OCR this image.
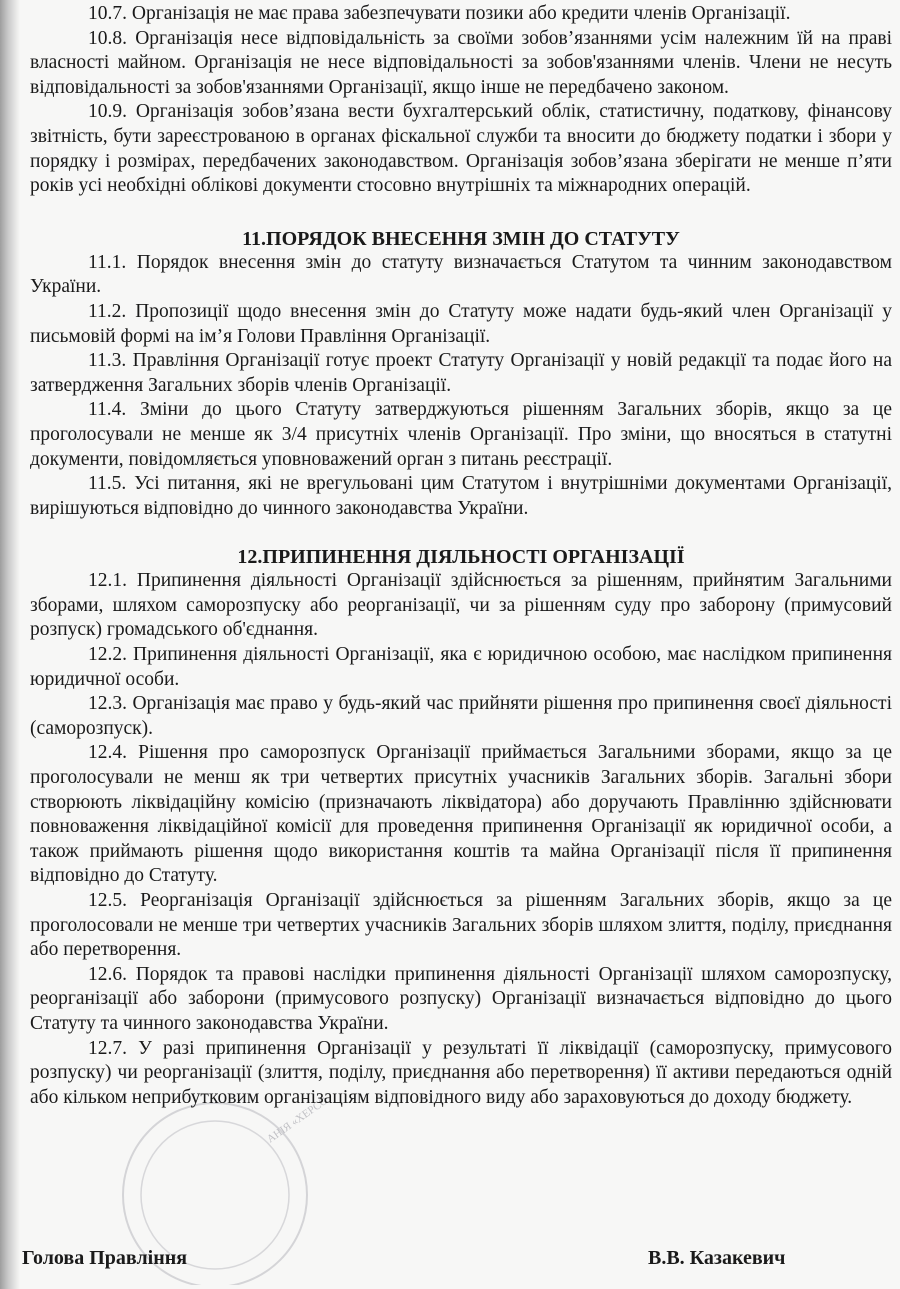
АНІЯ «ХЕРСО

10.7. Організація не має права забезпечувати позики або кредити членів Організації.

10.8. Організація несе відповідальність за своїми зобов’язаннями усім належним їй на праві власності майном. Організація не несе відповідальності за зобов'язаннями членів. Члени не несуть відповідальності за зобов'язаннями Організації, якщо інше не передбачено законом.

10.9. Організація зобов’язана вести бухгалтерський облік, статистичну, податкову, фінансову звітність, бути зареєстрованою в органах фіскальної служби та вносити до бюджету податки і збори у порядку і розмірах, передбачених законодавством. Організація зобов’язана зберігати не менше п’яти років усі необхідні облікові документи стосовно внутрішніх та міжнародних операцій.

11.ПОРЯДОК ВНЕСЕННЯ ЗМІН ДО СТАТУТУ

11.1. Порядок внесення змін до статуту визначається Статутом та чинним законодавством України.

11.2. Пропозиції щодо внесення змін до Статуту може надати будь-який член Організації у письмовій формі на ім’я Голови Правління Організації.

11.3. Правління Організації готує проект Статуту Організації у новій редакції та подає його на затвердження Загальних зборів членів Організації.

11.4. Зміни до цього Статуту затверджуються рішенням Загальних зборів, якщо за це проголосували не менше як 3/4 присутніх членів Організації. Про зміни, що вносяться в статутні документи, повідомляється уповноважений орган з питань реєстрації.

11.5. Усі питання, які не врегульовані цим Статутом і внутрішніми документами Організації, вирішуються відповідно до чинного законодавства України.

12.ПРИПИНЕННЯ ДІЯЛЬНОСТІ ОРГАНІЗАЦІЇ

12.1. Припинення діяльності Організації здійснюється за рішенням, прийнятим Загальними зборами, шляхом саморозпуску або реорганізації, чи за рішенням суду про заборону (примусовий розпуск) громадського об'єднання.

12.2. Припинення діяльності Організації, яка є юридичною особою, має наслідком припинення юридичної особи.

12.3. Організація має право у будь-який час прийняти рішення про припинення своєї діяльності (саморозпуск).

12.4. Рішення про саморозпуск Організації приймається Загальними зборами, якщо за це проголосували не менш як три четвертих присутніх учасників Загальних зборів. Загальні збори створюють ліквідаційну комісію (призначають ліквідатора) або доручають Правлінню здійснювати повноваження ліквідаційної комісії для проведення припинення Організації як юридичної особи, а також приймають рішення щодо використання коштів та майна Організації після її припинення відповідно до Статуту.

12.5. Реорганізація Організації здійснюється за рішенням Загальних зборів, якщо за це проголосовали не менше три четвертих учасників Загальних зборів шляхом злиття, поділу, приєднання або перетворення.

12.6. Порядок та правові наслідки припинення діяльності Організації шляхом саморозпуску, реорганізації або заборони (примусового розпуску) Організації визначається відповідно до цього Статуту та чинного законодавства України.

12.7. У разі припинення Організації у результаті її ліквідації (саморозпуску, примусового розпуску) чи реорганізації (злиття, поділу, приєднання або перетворення) її активи передаються одній або кільком неприбутковим організаціям відповідного виду або зараховуються до доходу бюджету.

Голова Правління	В.В. Казакевич
